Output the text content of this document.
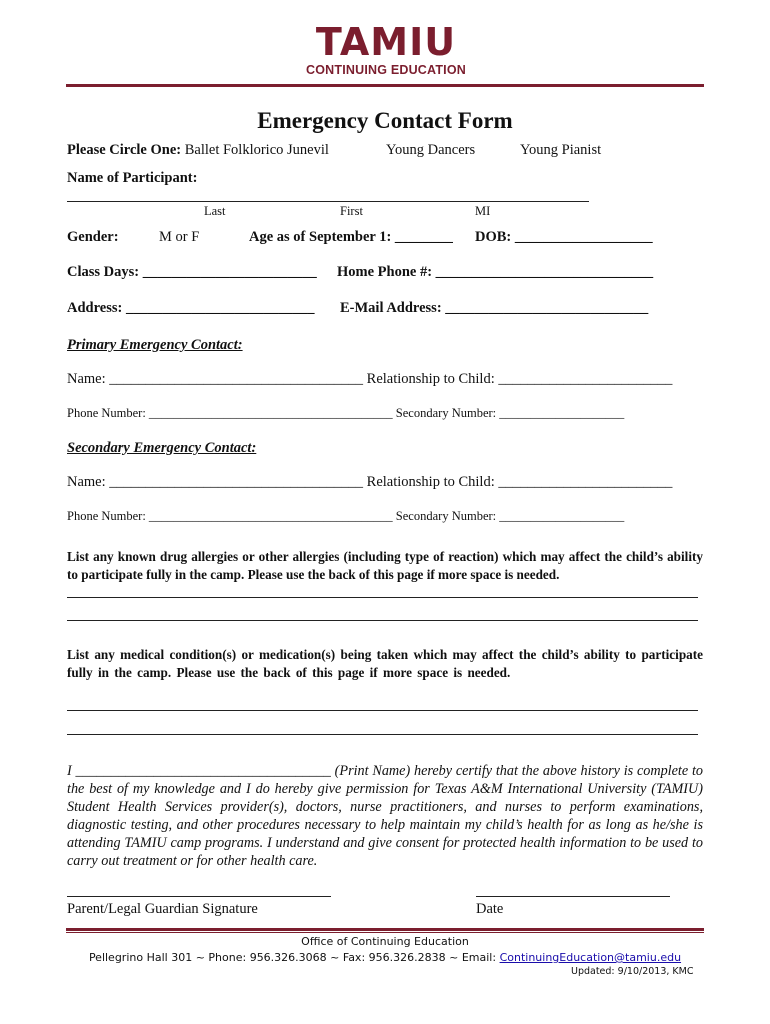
TAMIU
CONTINUING EDUCATION
Emergency Contact Form
Please Circle One: Ballet Folklorico Junevil	Young Dancers	Young Pianist
Name of Participant:
Last	First	MI
Gender:	M or F	Age as of September 1: ________ DOB: ___________________
Class Days: ________________________ Home Phone #: ______________________________
Address: __________________________ E-Mail Address: ____________________________
Primary Emergency Contact:
Name: ___________________________________ Relationship to Child: ________________________
Phone Number: _______________________________________ Secondary Number: ____________________
Secondary Emergency Contact:
Name: ___________________________________ Relationship to Child: ________________________
Phone Number: _______________________________________ Secondary Number: ____________________
List any known drug allergies or other allergies (including type of reaction) which may affect the child’s ability to participate fully in the camp. Please use the back of this page if more space is needed.
List any medical condition(s) or medication(s) being taken which may affect the child’s ability to participate fully in the camp. Please use the back of this page if more space is needed.
I ____________________________________ (Print Name) hereby certify that the above history is complete to the best of my knowledge and I do hereby give permission for Texas A&M International University (TAMIU) Student Health Services provider(s), doctors, nurse practitioners, and nurses to perform examinations, diagnostic testing, and other procedures necessary to help maintain my child’s health for as long as he/she is attending TAMIU camp programs. I understand and give consent for protected health information to be used to carry out treatment or for other health care.
Parent/Legal Guardian Signature	Date
Office of Continuing Education
Pellegrino Hall 301 ~ Phone: 956.326.3068 ~ Fax: 956.326.2838 ~ Email: ContinuingEducation@tamiu.edu
Updated: 9/10/2013, KMC
